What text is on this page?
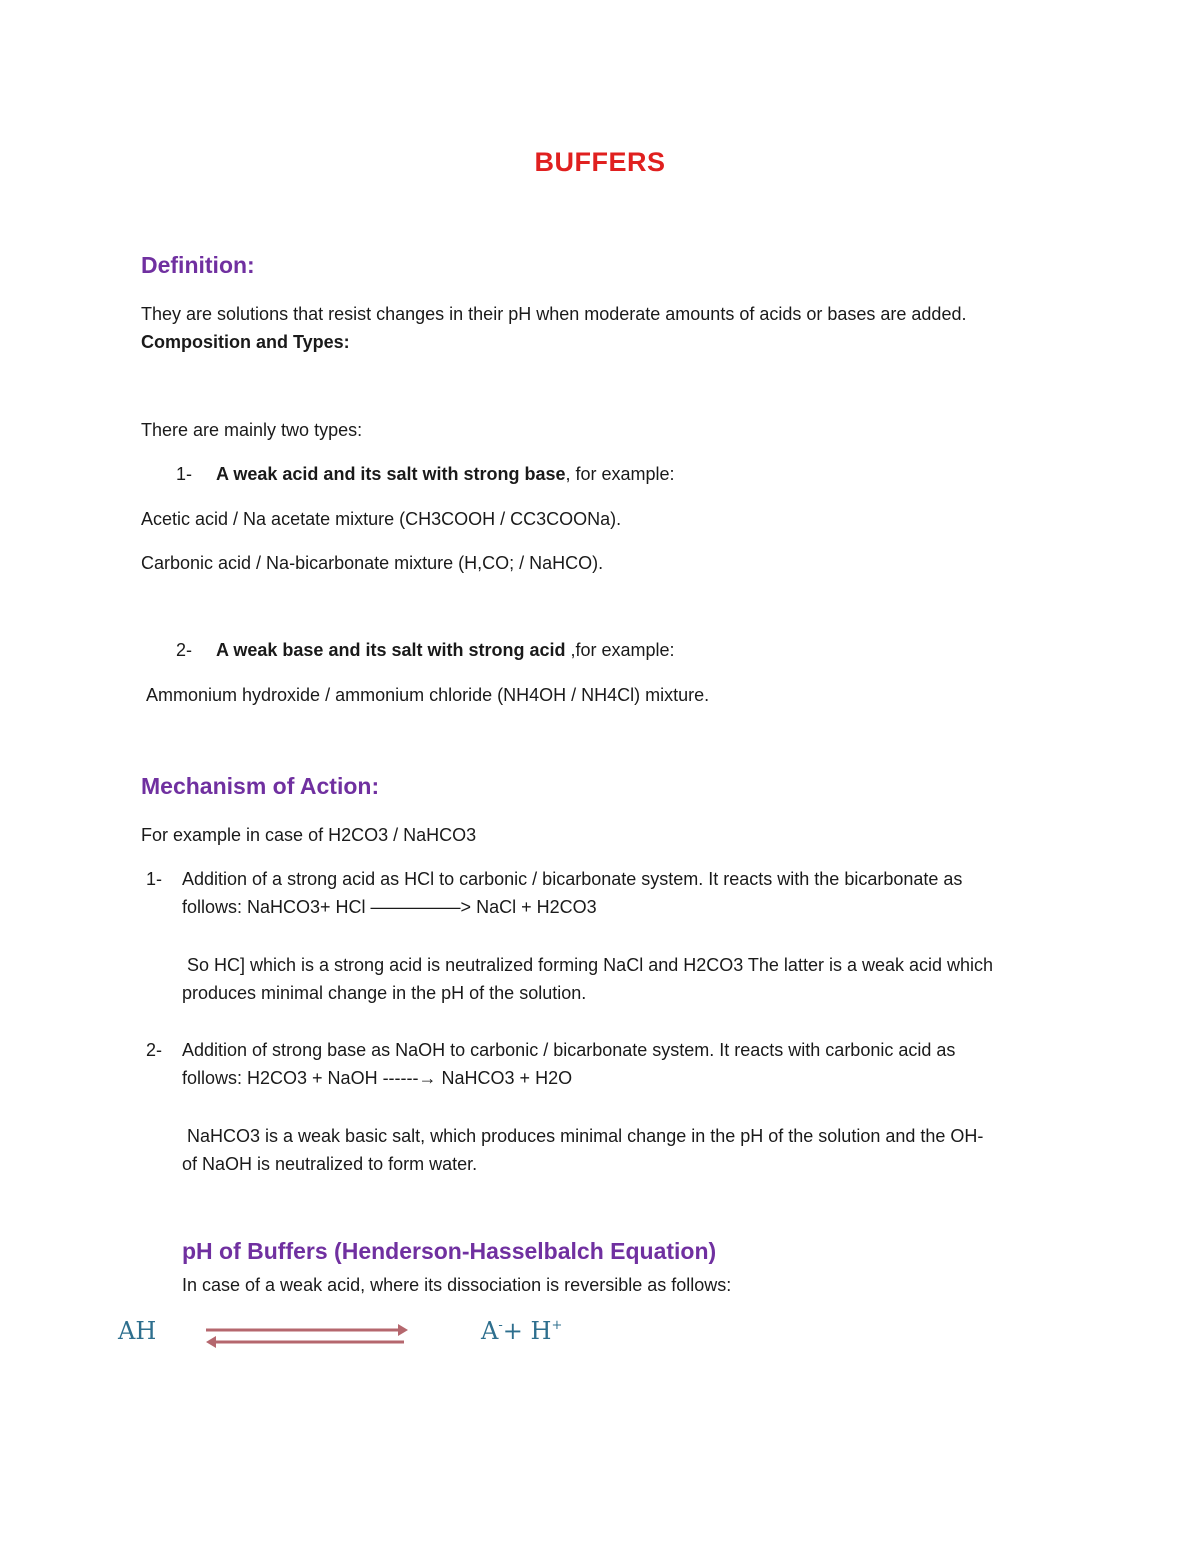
BUFFERS
Definition:
They are solutions that resist changes in their pH when moderate amounts of acids or bases are added.
Composition and Types:
There are mainly two types:
1- A weak acid and its salt with strong base, for example:
Acetic acid / Na acetate mixture (CH3COOH / CC3COONa).
Carbonic acid / Na-bicarbonate mixture (H,CO; / NaHCO).
2- A weak base and its salt with strong acid ,for example:
Ammonium hydroxide / ammonium chloride (NH4OH / NH4Cl) mixture.
Mechanism of Action:
For example in case of H2CO3 / NaHCO3
1- Addition of a strong acid as HCl to carbonic / bicarbonate system. It reacts with the bicarbonate as
follows: NaHCO3+ HCl —————> NaCl + H2CO3
So HC] which is a strong acid is neutralized forming NaCl and H2CO3 The latter is a weak acid which
produces minimal change in the pH of the solution.
2- Addition of strong base as NaOH to carbonic / bicarbonate system. It reacts with carbonic acid as
follows: H2CO3 + NaOH ------→ NaHCO3 + H2O
NaHCO3 is a weak basic salt, which produces minimal change in the pH of the solution and the OH-
of NaOH is neutralized to form water.
pH of Buffers (Henderson-Hasselbalch Equation)
In case of a weak acid, where its dissociation is reversible as follows:
AH	A-+ H+
